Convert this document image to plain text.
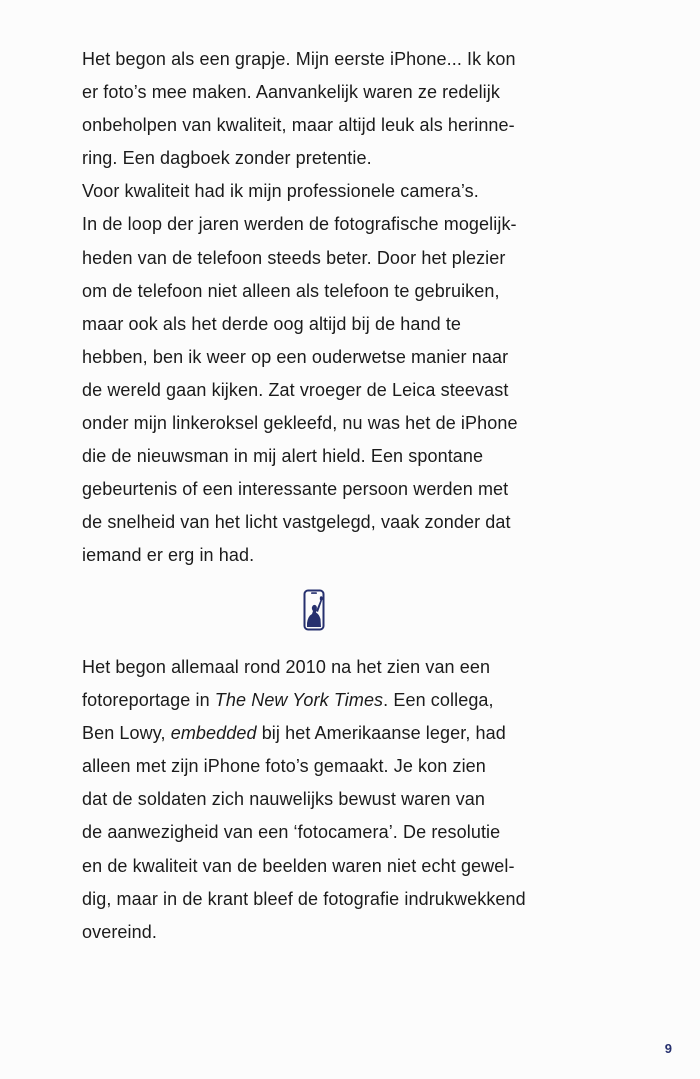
Het begon als een grapje. Mijn eerste iPhone... Ik kon
er foto’s mee maken. Aanvankelijk waren ze redelijk
onbeholpen van kwaliteit, maar altijd leuk als herinne-
ring. Een dagboek zonder pretentie.
Voor kwaliteit had ik mijn professionele camera’s.
In de loop der jaren werden de fotografische mogelijk-
heden van de telefoon steeds beter. Door het plezier
om de telefoon niet alleen als telefoon te gebruiken,
maar ook als het derde oog altijd bij de hand te
hebben, ben ik weer op een ouderwetse manier naar
de wereld gaan kijken. Zat vroeger de Leica steevast
onder mijn linkeroksel gekleefd, nu was het de iPhone
die de nieuwsman in mij alert hield. Een spontane
gebeurtenis of een interessante persoon werden met
de snelheid van het licht vastgelegd, vaak zonder dat
iemand er erg in had.
Het begon allemaal rond 2010 na het zien van een
fotoreportage in The New York Times. Een collega,
Ben Lowy, embedded bij het Amerikaanse leger, had
alleen met zijn iPhone foto’s gemaakt. Je kon zien
dat de soldaten zich nauwelijks bewust waren van
de aanwezigheid van een ‘fotocamera’. De resolutie
en de kwaliteit van de beelden waren niet echt gewel-
dig, maar in de krant bleef de fotografie indrukwekkend
overeind.
9
